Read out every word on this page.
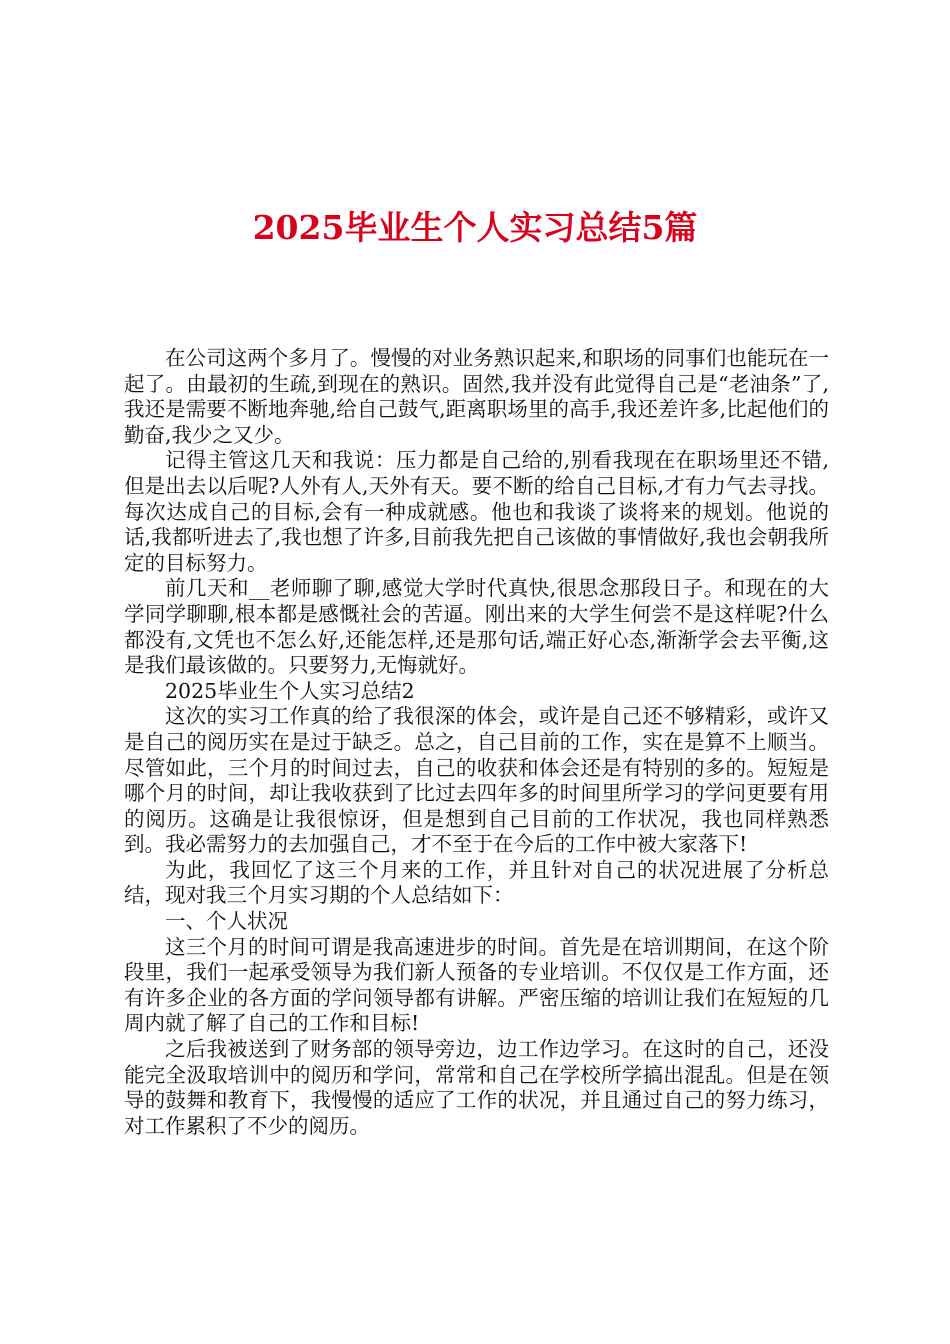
2025毕业生个人实习总结5篇

在公司这两个多月了。慢慢的对业务熟识起来,和职场的同事们也能玩在一起了。由最初的生疏,到现在的熟识。固然,我并没有此觉得自己是“老油条”了,我还是需要不断地奔驰,给自己鼓气,距离职场里的高手,我还差许多,比起他们的勤奋,我少之又少。

记得主管这几天和我说：压力都是自己给的,别看我现在在职场里还不错,但是出去以后呢?人外有人,天外有天。要不断的给自己目标,才有力气去寻找。每次达成自己的目标,会有一种成就感。他也和我谈了谈将来的规划。他说的话,我都听进去了,我也想了许多,目前我先把自己该做的事情做好,我也会朝我所定的目标努力。

前几天和__老师聊了聊,感觉大学时代真快,很思念那段日子。和现在的大学同学聊聊,根本都是感慨社会的苦逼。刚出来的大学生何尝不是这样呢?什么都没有,文凭也不怎么好,还能怎样,还是那句话,端正好心态,渐渐学会去平衡,这是我们最该做的。只要努力,无悔就好。

2025毕业生个人实习总结2

这次的实习工作真的给了我很深的体会，或许是自己还不够精彩，或许又是自己的阅历实在是过于缺乏。总之，自己目前的工作，实在是算不上顺当。尽管如此，三个月的时间过去，自己的收获和体会还是有特别的多的。短短是哪个月的时间，却让我收获到了比过去四年多的时间里所学习的学问更要有用的阅历。这确是让我很惊讶，但是想到自己目前的工作状况，我也同样熟悉到。我必需努力的去加强自己，才不至于在今后的工作中被大家落下!

为此，我回忆了这三个月来的工作，并且针对自己的状况进展了分析总结，现对我三个月实习期的个人总结如下：

一、个人状况

这三个月的时间可谓是我高速进步的时间。首先是在培训期间，在这个阶段里，我们一起承受领导为我们新人预备的专业培训。不仅仅是工作方面，还有许多企业的各方面的学问领导都有讲解。严密压缩的培训让我们在短短的几周内就了解了自己的工作和目标!

之后我被送到了财务部的领导旁边，边工作边学习。在这时的自己，还没能完全汲取培训中的阅历和学问，常常和自己在学校所学搞出混乱。但是在领导的鼓舞和教育下，我慢慢的适应了工作的状况，并且通过自己的努力练习，对工作累积了不少的阅历。
